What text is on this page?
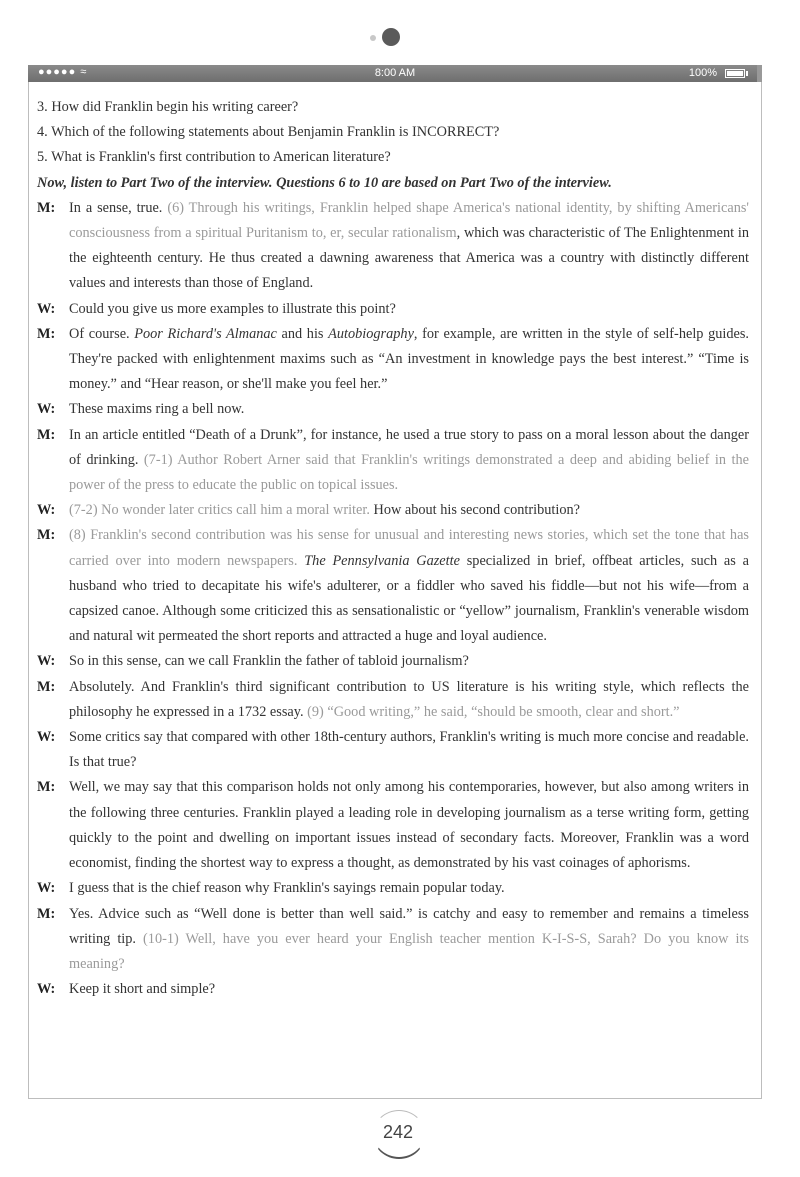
●●●●● ≈	8:00 AM	100%

3. How did Franklin begin his writing career?

4. Which of the following statements about Benjamin Franklin is INCORRECT?

5. What is Franklin's first contribution to American literature?

Now, listen to Part Two of the interview. Questions 6 to 10 are based on Part Two of the interview.

M: In a sense, true. (6) Through his writings, Franklin helped shape America's national identity, by shifting Americans' consciousness from a spiritual Puritanism to, er, secular rationalism, which was characteristic of The Enlightenment in the eighteenth century. He thus created a dawning awareness that America was a country with distinctly different values and interests than those of England.

W: Could you give us more examples to illustrate this point?

M: Of course. Poor Richard's Almanac and his Autobiography, for example, are written in the style of self-help guides. They're packed with enlightenment maxims such as “An investment in knowledge pays the best interest.” “Time is money.” and “Hear reason, or she'll make you feel her.”

W: These maxims ring a bell now.

M: In an article entitled “Death of a Drunk”, for instance, he used a true story to pass on a moral lesson about the danger of drinking. (7-1) Author Robert Arner said that Franklin's writings demonstrated a deep and abiding belief in the power of the press to educate the public on topical issues.

W: (7-2) No wonder later critics call him a moral writer. How about his second contribution?

M: (8) Franklin's second contribution was his sense for unusual and interesting news stories, which set the tone that has carried over into modern newspapers. The Pennsylvania Gazette specialized in brief, offbeat articles, such as a husband who tried to decapitate his wife's adulterer, or a fiddler who saved his fiddle—but not his wife—from a capsized canoe. Although some criticized this as sensationalistic or “yellow” journalism, Franklin's venerable wisdom and natural wit permeated the short reports and attracted a huge and loyal audience.

W: So in this sense, can we call Franklin the father of tabloid journalism?

M: Absolutely. And Franklin's third significant contribution to US literature is his writing style, which reflects the philosophy he expressed in a 1732 essay. (9) “Good writing,” he said, “should be smooth, clear and short.”

W: Some critics say that compared with other 18th-century authors, Franklin's writing is much more concise and readable. Is that true?

M: Well, we may say that this comparison holds not only among his contemporaries, however, but also among writers in the following three centuries. Franklin played a leading role in developing journalism as a terse writing form, getting quickly to the point and dwelling on important issues instead of secondary facts. Moreover, Franklin was a word economist, finding the shortest way to express a thought, as demonstrated by his vast coinages of aphorisms.

W: I guess that is the chief reason why Franklin's sayings remain popular today.

M: Yes. Advice such as “Well done is better than well said.” is catchy and easy to remember and remains a timeless writing tip. (10-1) Well, have you ever heard your English teacher mention K-I-S-S, Sarah? Do you know its meaning?

W: Keep it short and simple?

242
